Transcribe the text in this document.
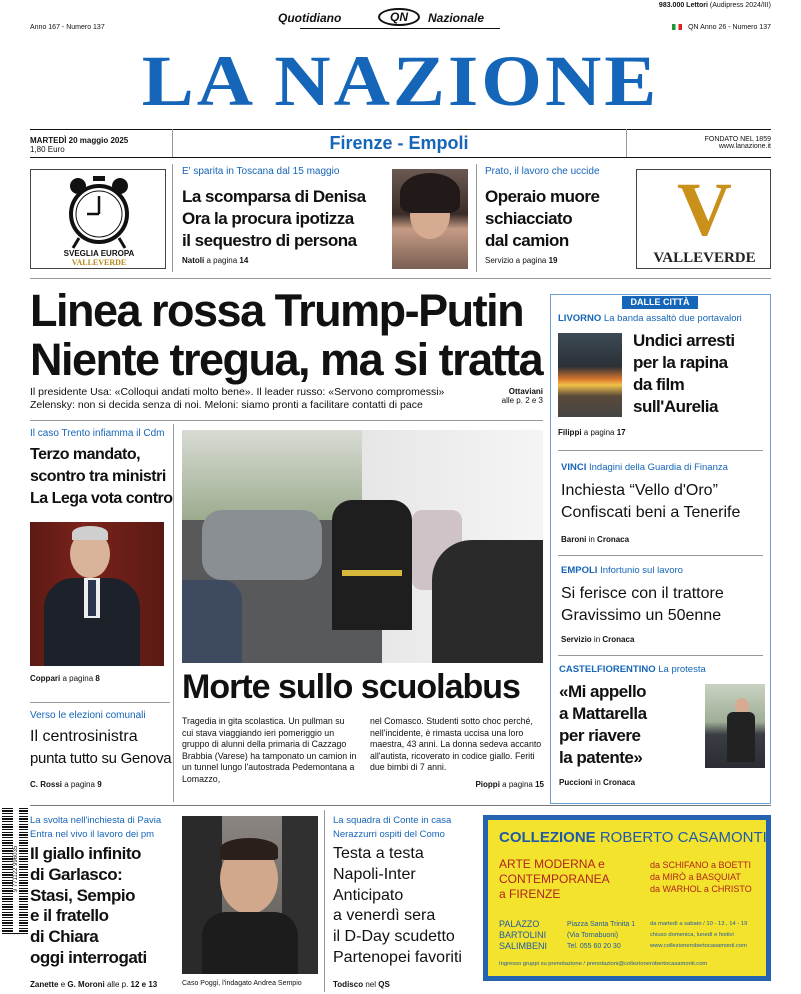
Anno 167 - Numero 137
Quotidiano	QN	Nazionale
983.000 Lettori (Audipress 2024/III)
QN Anno 26 - Numero 137
LA NAZIONE
MARTEDÌ 20 maggio 2025
1,80 Euro	Firenze - Empoli	FONDATO NEL 1859
www.lanazione.it
SVEGLIA EUROPA
VALLEVERDE
E' sparita in Toscana dal 15 maggio
La scomparsa di Denisa
Ora la procura ipotizza
il sequestro di persona
Natoli a pagina 14
Prato, il lavoro che uccide
Operaio muore
schiacciato
dal camion
Servizio a pagina 19
V
VALLEVERDE
Linea rossa Trump-Putin
Niente tregua, ma si tratta
Il presidente Usa: «Colloqui andati molto bene». Il leader russo: «Servono compromessi»
Zelensky: non si decida senza di noi. Meloni: siamo pronti a facilitare contatti di pace
Ottaviani
alle p. 2 e 3
DALLE CITTÀ
LIVORNO La banda assaltò due portavalori
Undici arresti
per la rapina
da film
sull'Aurelia
Filippi a pagina 17
VINCI Indagini della Guardia di Finanza
Inchiesta “Vello d'Oro”
Confiscati beni a Tenerife
Baroni in Cronaca
EMPOLI Infortunio sul lavoro
Si ferisce con il trattore
Gravissimo un 50enne
Servizio in Cronaca
CASTELFIORENTINO La protesta
«Mi appello
a Mattarella
per riavere
la patente»
Puccioni in Cronaca
Il caso Trento infiamma il Cdm
Terzo mandato,
scontro tra ministri
La Lega vota contro
Coppari a pagina 8
Verso le elezioni comunali
Il centrosinistra
punta tutto su Genova
C. Rossi a pagina 9
Morte sullo scuolabus
Tragedia in gita scolastica. Un pullman su cui stava viaggiando ieri pomeriggio un gruppo di alunni della primaria di Cazzago Brabbia (Varese) ha tamponato un camion in un tunnel lungo l'autostrada Pedemontana a Lomazzo,
nel Comasco. Studenti sotto choc perché, nell'incidente, è rimasta uccisa una loro maestra, 43 anni. La donna sedeva accanto all'autista, ricoverato in codice giallo. Feriti due bimbi di 7 anni.
Pioppi a pagina 15
9 771122 996035
La svolta nell'inchiesta di Pavia
Entra nel vivo il lavoro dei pm
Il giallo infinito
di Garlasco:
Stasi, Sempio
e il fratello
di Chiara
oggi interrogati
Zanette e G. Moroni alle p. 12 e 13	Caso Poggi, l'indagato Andrea Sempio
La squadra di Conte in casa
Nerazzurri ospiti del Como
Testa a testa
Napoli-Inter
Anticipato
a venerdì sera
il D-Day scudetto
Partenopei favoriti
Todisco nel QS
COLLEZIONE ROBERTO CASAMONTI
ARTE MODERNA e
CONTEMPORANEA
a FIRENZE
da SCHIFANO a BOETTI
da MIRÒ a BASQUIAT
da WARHOL a CHRISTO
PALAZZO
BARTOLINI
SALIMBENI
Piazza Santa Trinita 1
(Via Tornabuoni)
Tel. 055 60 20 30
da martedì a sabato / 10 - 13 , 14 - 19
chiuso domenica, lunedì e festivi
www.collezionerobertocasamonti.com
Ingresso gruppi su prenotazione / prenotazioni@collezionerobertocasamonti.com
